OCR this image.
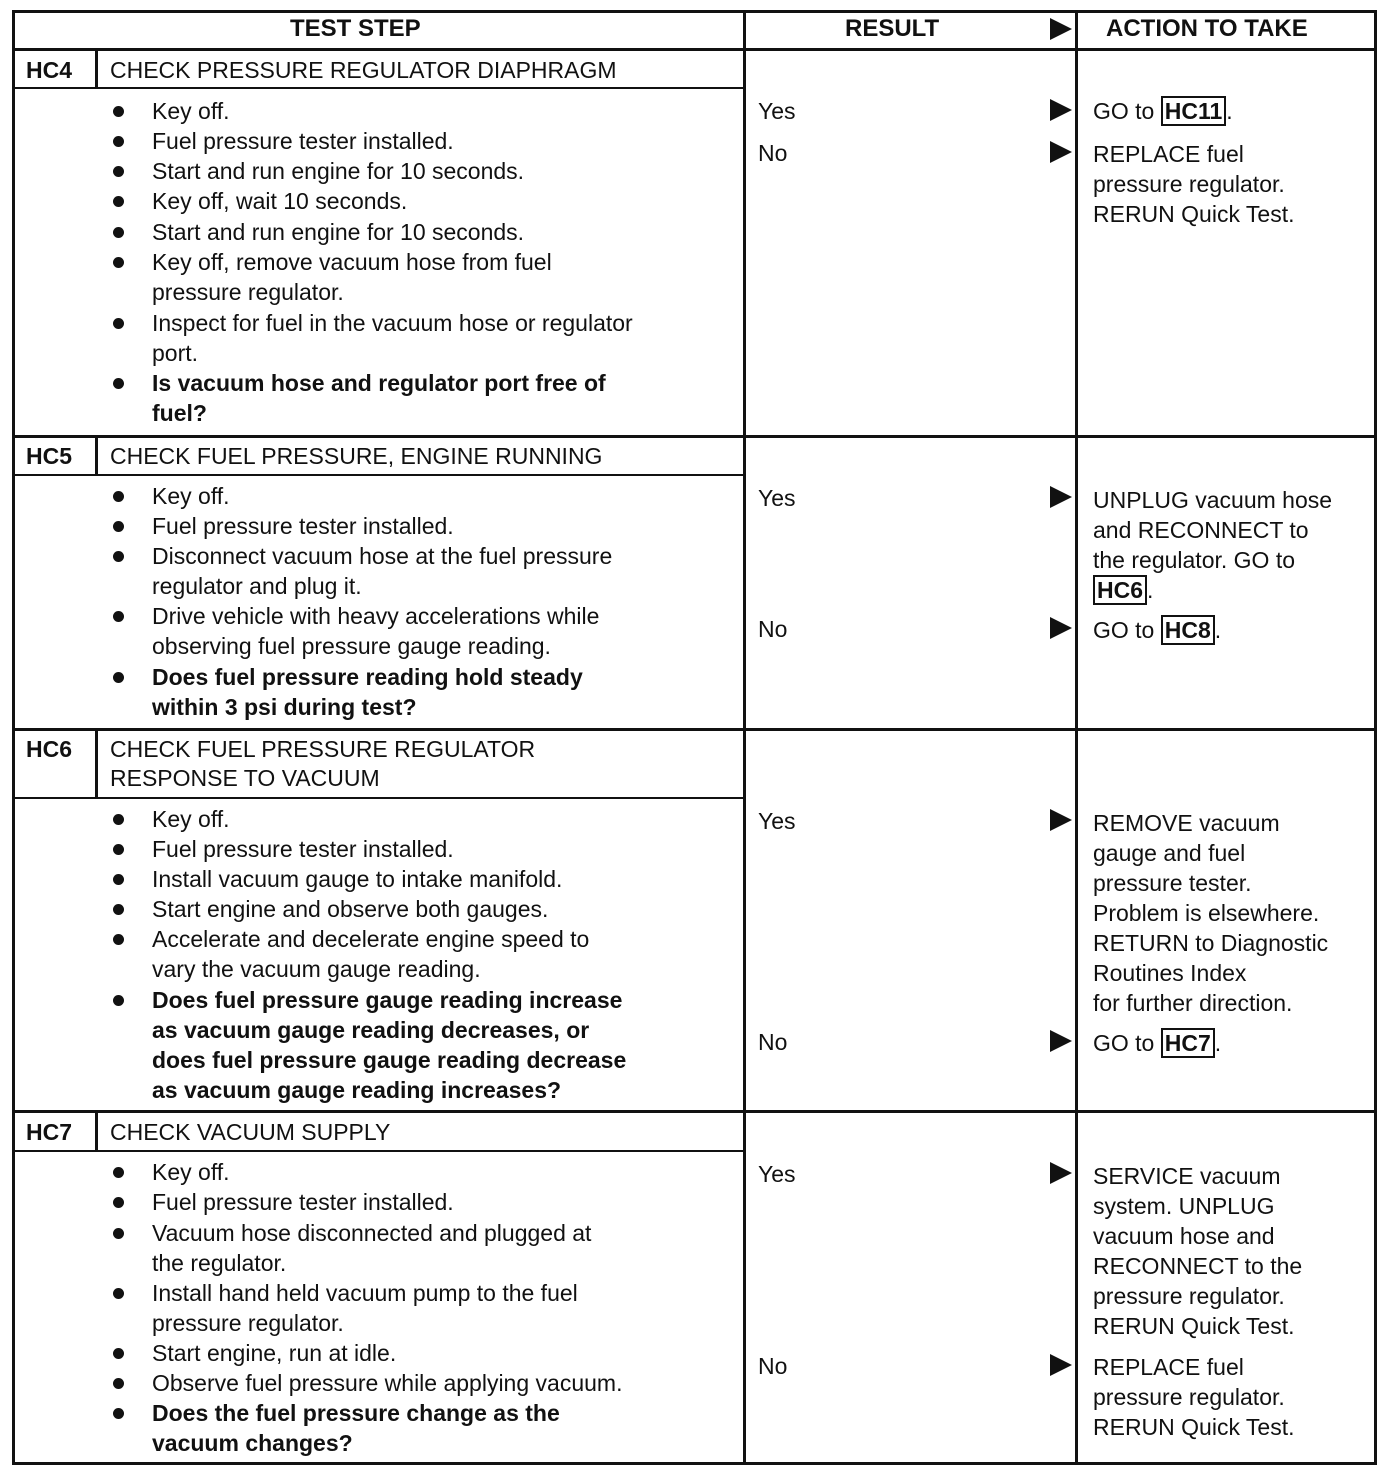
TEST STEP	RESULT	ACTION TO TAKE
HC4 CHECK PRESSURE REGULATOR DIAPHRAGM
Key off.
Fuel pressure tester installed.
Start and run engine for 10 seconds.
Key off, wait 10 seconds.
Start and run engine for 10 seconds.
Key off, remove vacuum hose from fuel
pressure regulator.
Inspect for fuel in the vacuum hose or regulator
port.
Is vacuum hose and regulator port free of
fuel?
Yes	GO to HC11 .
No	REPLACE fuel
pressure regulator.
RERUN Quick Test.
HC5 CHECK FUEL PRESSURE, ENGINE RUNNING
Key off.
Fuel pressure tester installed.
Disconnect vacuum hose at the fuel pressure
regulator and plug it.
Drive vehicle with heavy accelerations while
observing fuel pressure gauge reading.
Does fuel pressure reading hold steady
within 3 psi during test?
Yes	UNPLUG vacuum hose
and RECONNECT to
the regulator. GO to
HC6 .
No	GO to HC8 .
HC6 CHECK FUEL PRESSURE REGULATOR
RESPONSE TO VACUUM
Key off.
Fuel pressure tester installed.
Install vacuum gauge to intake manifold.
Start engine and observe both gauges.
Accelerate and decelerate engine speed to
vary the vacuum gauge reading.
Does fuel pressure gauge reading increase
as vacuum gauge reading decreases, or
does fuel pressure gauge reading decrease
as vacuum gauge reading increases?
Yes	REMOVE vacuum
gauge and fuel
pressure tester.
Problem is elsewhere.
RETURN to Diagnostic
Routines Index
for further direction.
No	GO to HC7 .
HC7 CHECK VACUUM SUPPLY
Key off.
Fuel pressure tester installed.
Vacuum hose disconnected and plugged at
the regulator.
Install hand held vacuum pump to the fuel
pressure regulator.
Start engine, run at idle.
Observe fuel pressure while applying vacuum.
Does the fuel pressure change as the
vacuum changes?
Yes	SERVICE vacuum
system. UNPLUG
vacuum hose and
RECONNECT to the
pressure regulator.
RERUN Quick Test.
No	REPLACE fuel
pressure regulator.
RERUN Quick Test.
